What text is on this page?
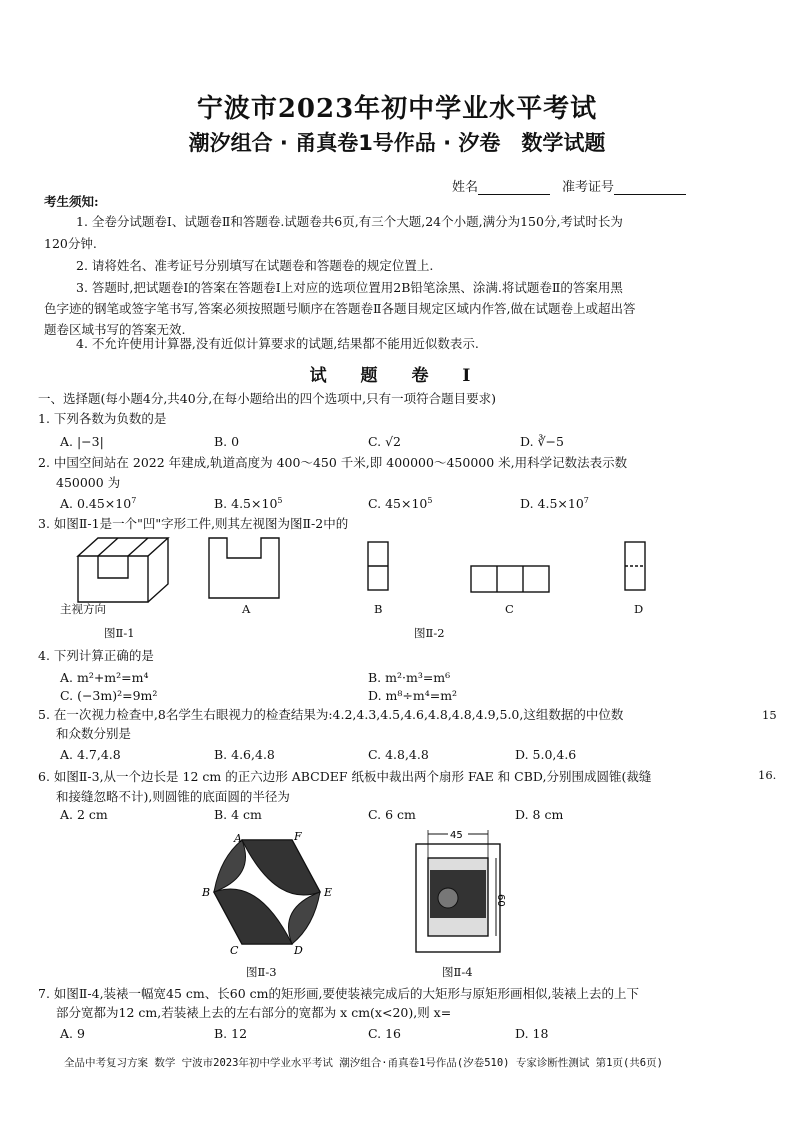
宁波市2023年初中学业水平考试
潮汐组合 · 甬真卷1号作品 · 汐卷　数学试题
姓名	准考证号
考生须知:
1. 全卷分试题卷Ⅰ、试题卷Ⅱ和答题卷.试题卷共6页,有三个大题,24个小题,满分为150分,考试时长为
120分钟.
2. 请将姓名、准考证号分别填写在试题卷和答题卷的规定位置上.
3. 答题时,把试题卷Ⅰ的答案在答题卷Ⅰ上对应的选项位置用2B铅笔涂黑、涂满.将试题卷Ⅱ的答案用黑
色字迹的钢笔或签字笔书写,答案必须按照题号顺序在答题卷Ⅱ各题目规定区域内作答,做在试题卷上或超出答
题卷区域书写的答案无效.
4. 不允许使用计算器,没有近似计算要求的试题,结果都不能用近似数表示.
试 题 卷 Ⅰ
一、选择题(每小题4分,共40分,在每小题给出的四个选项中,只有一项符合题目要求)
1. 下列各数为负数的是
A. |−3|	B. 0	C. √2	D. ∛−5
2. 中国空间站在 2022 年建成,轨道高度为 400～450 千米,即 400000～450000 米,用科学记数法表示数
450000 为
A. $0.45\times 10^7$	B. $4.5\times 10^5$	C. $45\times 10^5$	D. $4.5\times 10^7$
3. 如图Ⅱ-1是一个"凹"字形工件,则其左视图为图Ⅱ-2中的
主视方向	A	B	C	D
图Ⅱ-1	图Ⅱ-2
4. 下列计算正确的是
A. m²+m²=m⁴	B. m²·m³=m⁶
C. (−3m)²=9m²	D. m⁸÷m⁴=m²
5. 在一次视力检查中,8名学生右眼视力的检查结果为:4.2,4.3,4.5,4.6,4.8,4.8,4.9,5.0,这组数据的中位数
和众数分别是
A. 4.7,4.8	B. 4.6,4.8	C. 4.8,4.8	D. 5.0,4.6
6. 如图Ⅱ-3,从一个边长是 12 cm 的正六边形 ABCDEF 纸板中裁出两个扇形 FAE 和 CBD,分别围成圆锥(裁缝
和接缝忽略不计),则圆锥的底面圆的半径为
A. 2 cm	B. 4 cm	C. 6 cm	D. 8 cm
A	F
B	E
C	D
图Ⅱ-3
45
60
图Ⅱ-4
7. 如图Ⅱ-4,装裱一幅宽45 cm、长60 cm的矩形画,要使装裱完成后的大矩形与原矩形画相似,装裱上去的上下
部分宽都为12 cm,若装裱上去的左右部分的宽都为 x cm(x<20),则 x=
A. 9	B. 12	C. 16	D. 18
15
16.
全品中考复习方案 数学 宁波市2023年初中学业水平考试 潮汐组合·甬真卷1号作品(汐卷510) 专家诊断性测试 第1页(共6页)
